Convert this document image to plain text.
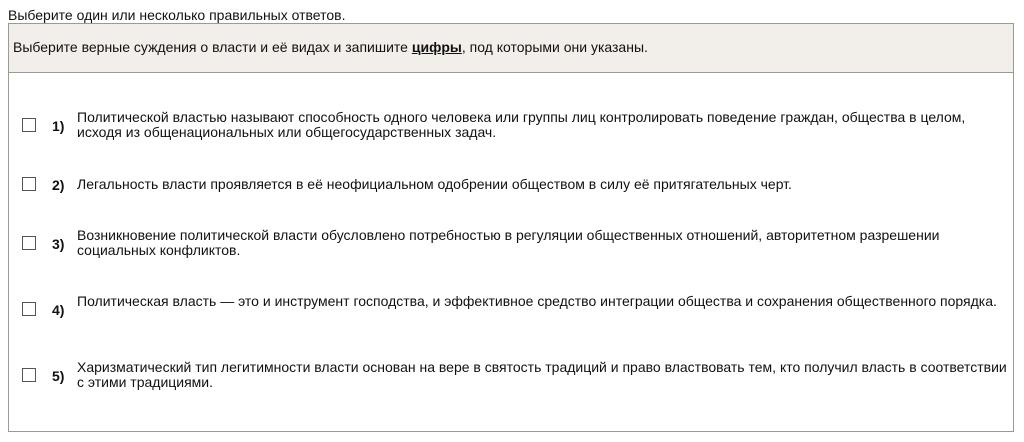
Выберите один или несколько правильных ответов.
Выберите верные суждения о власти и её видах и запишите цифры, под которыми они указаны.
1)
Политической властью называют способность одного человека или группы лиц контролировать поведение граждан, общества в целом, исходя из общенациональных или общегосударственных задач.
2) Легальность власти проявляется в её неофициальном одобрении обществом в силу её притягательных черт.
3)
Возникновение политической власти обусловлено потребностью в регуляции общественных отношений, авторитетном разрешении социальных конфликтов.
4)
Политическая власть — это и инструмент господства, и эффективное средство интеграции общества и сохранения общественного порядка.
5)
Харизматический тип легитимности власти основан на вере в святость традиций и право властвовать тем, кто получил власть в соответствии с этими традициями.
